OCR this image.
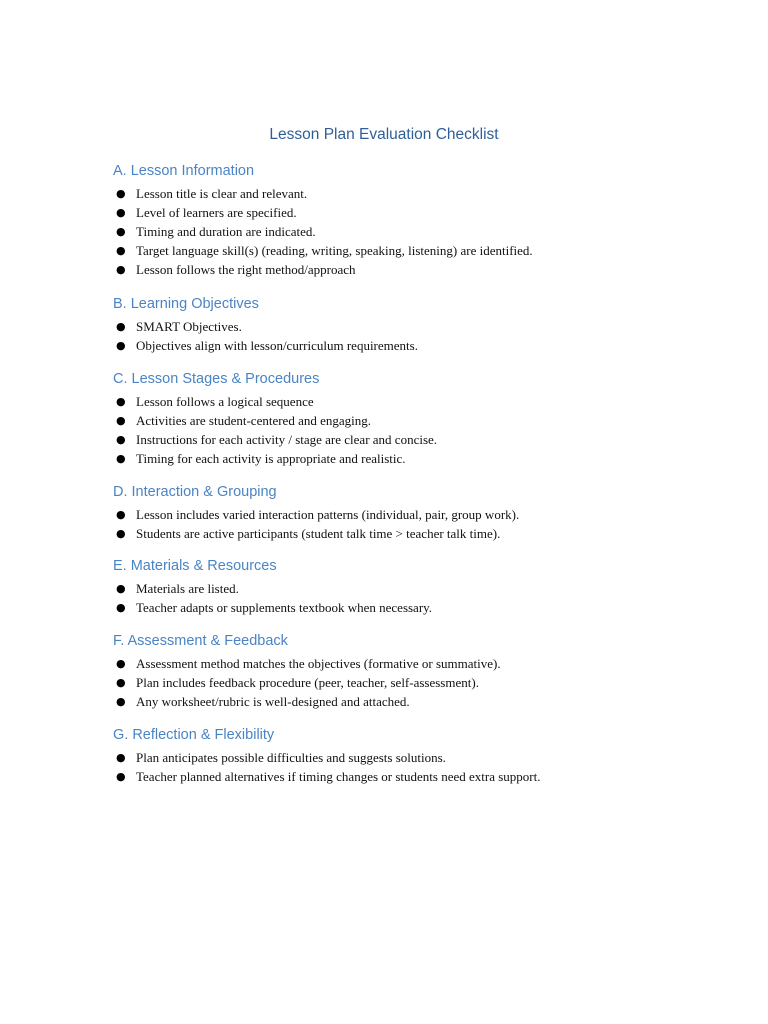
Lesson Plan Evaluation Checklist
A. Lesson Information
● Lesson title is clear and relevant.
● Level of learners are specified.
● Timing and duration are indicated.
● Target language skill(s) (reading, writing, speaking, listening) are identified.
● Lesson follows the right method/approach
B. Learning Objectives
● SMART Objectives.
● Objectives align with lesson/curriculum requirements.
C. Lesson Stages & Procedures
● Lesson follows a logical sequence
● Activities are student-centered and engaging.
● Instructions for each activity / stage are clear and concise.
● Timing for each activity is appropriate and realistic.
D. Interaction & Grouping
● Lesson includes varied interaction patterns (individual, pair, group work).
● Students are active participants (student talk time > teacher talk time).
E. Materials & Resources
● Materials are listed.
● Teacher adapts or supplements textbook when necessary.
F. Assessment & Feedback
● Assessment method matches the objectives (formative or summative).
● Plan includes feedback procedure (peer, teacher, self-assessment).
● Any worksheet/rubric is well-designed and attached.
G. Reflection & Flexibility
● Plan anticipates possible difficulties and suggests solutions.
● Teacher planned alternatives if timing changes or students need extra support.
